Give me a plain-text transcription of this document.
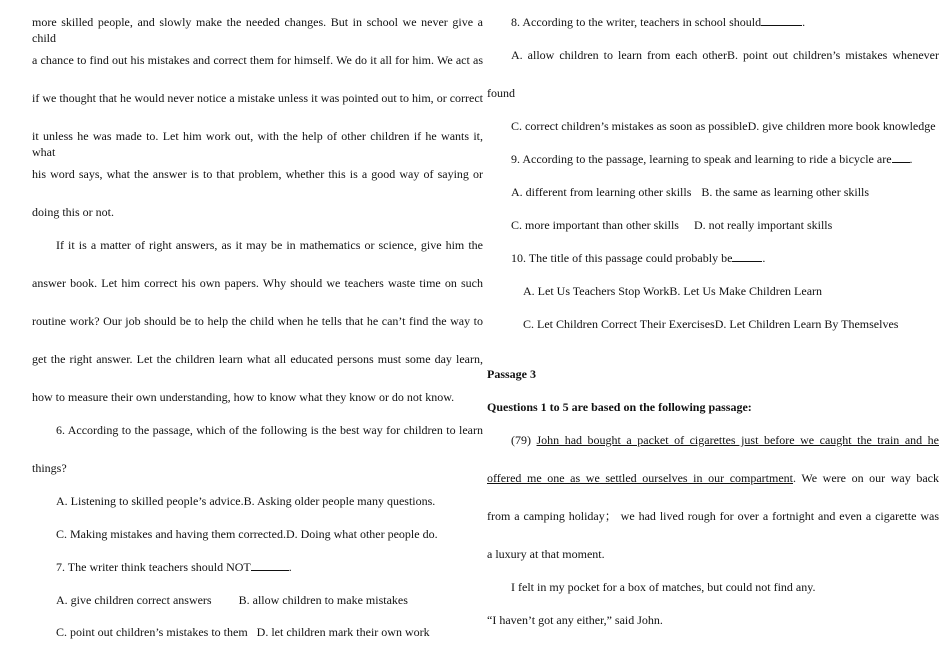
more skilled people, and slowly make the needed changes. But in school we never give a child
a chance to find out his mistakes and correct them for himself. We do it all for him. We act as
if we thought that he would never notice a mistake unless it was pointed out to him, or correct
it unless he was made to. Let him work out, with the help of other children if he wants it, what
his word says, what the answer is to that problem, whether this is a good way of saying or
doing this or not.
If it is a matter of right answers, as it may be in mathematics or science, give him the
answer book. Let him correct his own papers. Why should we teachers waste time on such
routine work? Our job should be to help the child when he tells that he can’t find the way to
get the right answer. Let the children learn what all educated persons must some day learn,
how to measure their own understanding, how to know what they know or do not know.
6. According to the passage, which of the following is the best way for children to learn
things?
A. Listening to skilled people’s advice.B. Asking older people many questions.
C. Making mistakes and having them corrected.D. Doing what other people do.
7. The writer think teachers should NOT	.
A. give children correct answers B. allow children to make mistakes
C. point out children’s mistakes to them D. let children mark their own work
8. According to the writer, teachers in school should	.
A. allow children to learn from each otherB. point out children’s mistakes whenever
found
C. correct children’s mistakes as soon as possibleD. give children more book knowledge
9. According to the passage, learning to speak and learning to ride a bicycle are .
A. different from learning other skills B. the same as learning other skills
C. more important than other skills D. not really important skills
10. The title of this passage could probably be	.
A. Let Us Teachers Stop WorkB. Let Us Make Children Learn
C. Let Children Correct Their ExercisesD. Let Children Learn By Themselves
Passage 3
Questions 1 to 5 are based on the following passage:
(79) John had bought a packet of cigarettes just before we caught the train and he
offered me one as we settled ourselves in our compartment. We were on our way back
from a camping holiday； we had lived rough for over a fortnight and even a cigarette was
a luxury at that moment.
I felt in my pocket for a box of matches, but could not find any.
“I haven’t got any either,” said John.
